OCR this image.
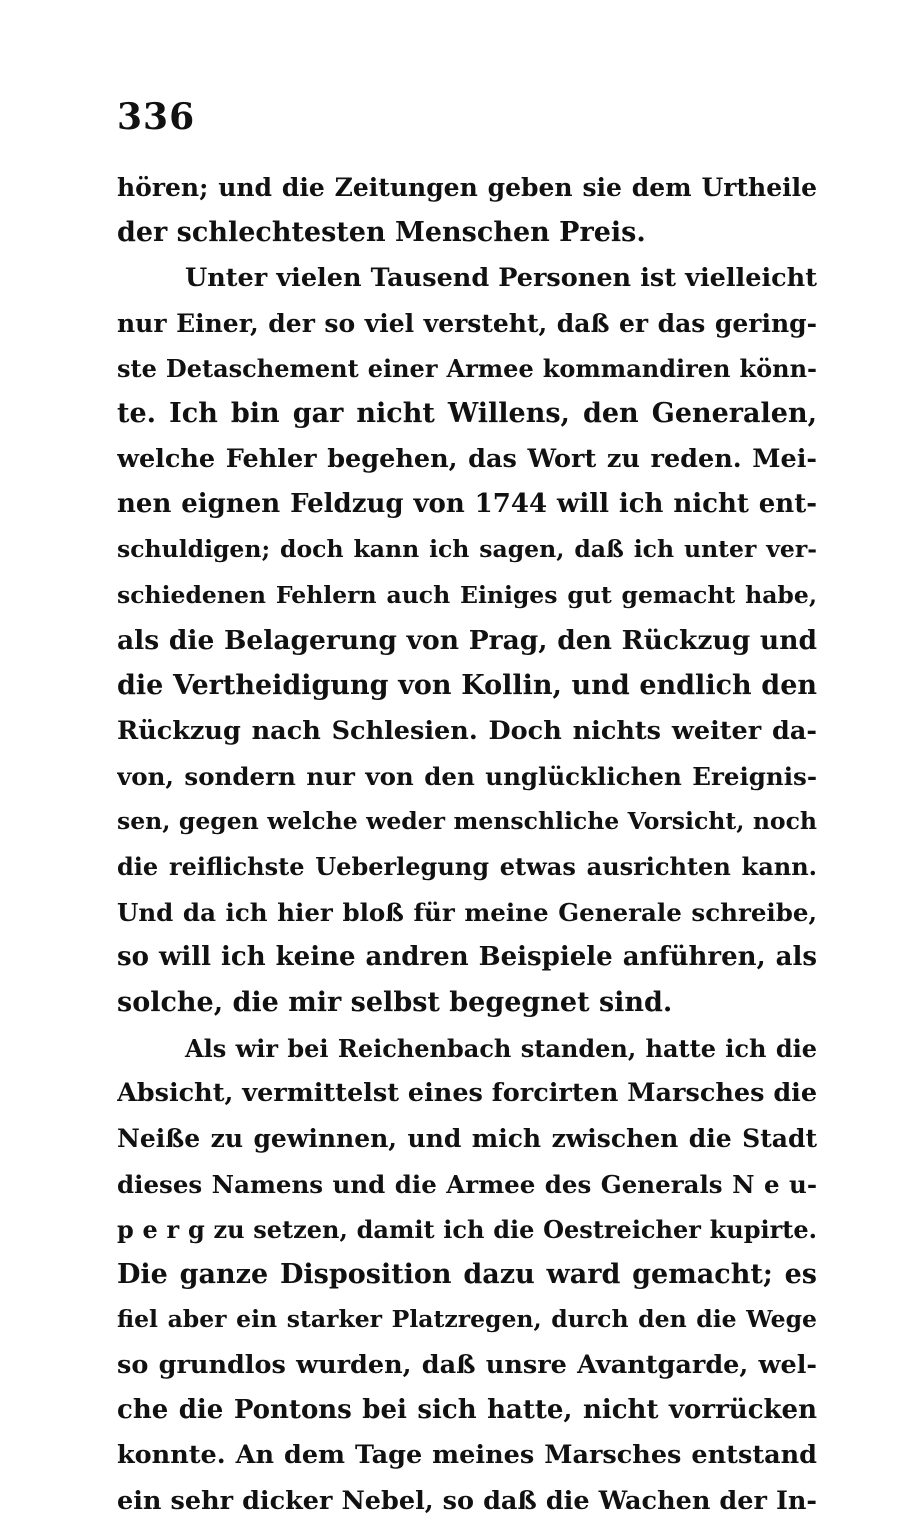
336
hören; und die Zeitungen geben sie dem Urtheile
der schlechtesten Menschen Preis.
Unter vielen Tausend Personen ist vielleicht
nur Einer, der so viel versteht, daß er das gering-
ste Detaschement einer Armee kommandiren könn-
te. Ich bin gar nicht Willens, den Generalen,
welche Fehler begehen, das Wort zu reden. Mei-
nen eignen Feldzug von 1744 will ich nicht ent-
schuldigen; doch kann ich sagen, daß ich unter ver-
schiedenen Fehlern auch Einiges gut gemacht habe,
als die Belagerung von Prag, den Rückzug und
die Vertheidigung von Kollin, und endlich den
Rückzug nach Schlesien. Doch nichts weiter da-
von, sondern nur von den unglücklichen Ereignis-
sen, gegen welche weder menschliche Vorsicht, noch
die reiflichste Ueberlegung etwas ausrichten kann.
Und da ich hier bloß für meine Generale schreibe,
so will ich keine andren Beispiele anführen, als
solche, die mir selbst begegnet sind.
Als wir bei Reichenbach standen, hatte ich die
Absicht, vermittelst eines forcirten Marsches die
Neiße zu gewinnen, und mich zwischen die Stadt
dieses Namens und die Armee des Generals N e u-
p e r g zu setzen, damit ich die Oestreicher kupirte.
Die ganze Disposition dazu ward gemacht; es
fiel aber ein starker Platzregen, durch den die Wege
so grundlos wurden, daß unsre Avantgarde, wel-
che die Pontons bei sich hatte, nicht vorrücken
konnte. An dem Tage meines Marsches entstand
ein sehr dicker Nebel, so daß die Wachen der In-
